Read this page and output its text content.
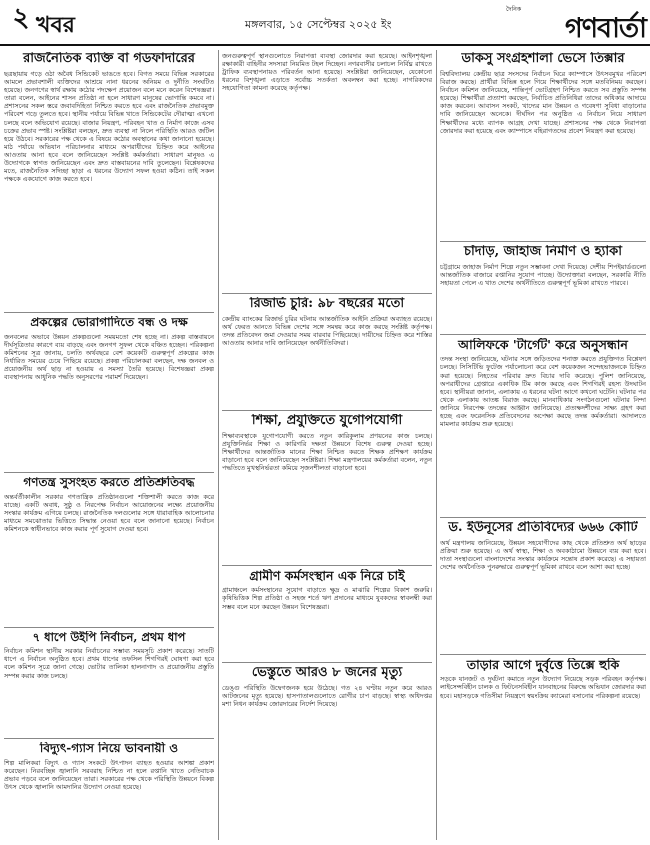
২ খবর	মঙ্গলবার, ১৫ সেপ্টেম্বর ২০২৫ ইং
দৈনিক
গণবার্তা
রাজনৈতিক ব্যক্তি বা গডফাদারের
ছত্রছায়ায় গড়ে ওঠা অবৈধ সিন্ডিকেট ভাঙতে হবে। বিগত সময়ে বিভিন্ন সরকারের আমলে প্রভাবশালী ব্যক্তিদের আশ্রয়ে নানা ধরনের অনিয়ম ও দুর্নীতি সংঘটিত হয়েছে। জনগণের স্বার্থ রক্ষায় কঠোর পদক্ষেপ প্রয়োজন বলে মনে করেন বিশেষজ্ঞরা। তারা বলেন, আইনের শাসন প্রতিষ্ঠা না হলে সাধারণ মানুষের ভোগান্তি কমবে না। প্রশাসনের সকল স্তরে জবাবদিহিতা নিশ্চিত করতে হবে এবং রাজনৈতিক প্রভাবমুক্ত পরিবেশ গড়ে তুলতে হবে। স্থানীয় পর্যায়ে বিভিন্ন খাতে সিন্ডিকেটের দৌরাত্ম্য এখনো চলছে বলে অভিযোগ রয়েছে। বাজার নিয়ন্ত্রণ, পরিবহন খাত ও নির্মাণ কাজে এসব চক্রের প্রভাব স্পষ্ট। সংশ্লিষ্টরা বলছেন, দ্রুত ব্যবস্থা না নিলে পরিস্থিতি আরও জটিল হয়ে উঠবে। সরকারের পক্ষ থেকে এ বিষয়ে কঠোর অবস্থানের কথা জানানো হয়েছে। মাঠ পর্যায়ে অভিযান পরিচালনার মাধ্যমে অপরাধীদের চিহ্নিত করে আইনের আওতায় আনা হবে বলে জানিয়েছেন সংশ্লিষ্ট কর্মকর্তারা। সাধারণ মানুষও এ উদ্যোগকে স্বাগত জানিয়েছেন এবং দ্রুত বাস্তবায়নের দাবি তুলেছেন। বিশ্লেষকদের মতে, রাজনৈতিক সদিচ্ছা ছাড়া এ ধরনের উদ্যোগ সফল হওয়া কঠিন। তাই সকল পক্ষকে একযোগে কাজ করতে হবে।
প্রকল্পের ভোরাগাদিতে বন্ধ ও দক্ষ
জনবলের অভাবে উন্নয়ন প্রকল্পগুলো সময়মতো শেষ হচ্ছে না। প্রকল্প বাস্তবায়নে দীর্ঘসূত্রিতার কারণে ব্যয় বাড়ছে এবং জনগণ সুফল থেকে বঞ্চিত হচ্ছেন। পরিকল্পনা কমিশনের সূত্র জানায়, চলতি অর্থবছরে বেশ কয়েকটি গুরুত্বপূর্ণ প্রকল্পের কাজ নির্ধারিত সময়ের চেয়ে পিছিয়ে রয়েছে। প্রকল্প পরিচালকরা বলছেন, দক্ষ জনবল ও প্রয়োজনীয় অর্থ ছাড় না হওয়ায় এ সমস্যা তৈরি হয়েছে। বিশেষজ্ঞরা প্রকল্প ব্যবস্থাপনায় আধুনিক পদ্ধতি অনুসরণের পরামর্শ দিয়েছেন।
গণতন্ত্র সুসংহত করতে প্রতিশ্রুতিবদ্ধ
অন্তর্বর্তীকালীন সরকার গণতান্ত্রিক প্রতিষ্ঠানগুলো শক্তিশালী করতে কাজ করে যাচ্ছে। একটি অবাধ, সুষ্ঠু ও নিরপেক্ষ নির্বাচন আয়োজনের লক্ষ্যে প্রয়োজনীয় সংস্কার কার্যক্রম এগিয়ে চলছে। রাজনৈতিক দলগুলোর সঙ্গে ধারাবাহিক আলোচনার মাধ্যমে সমঝোতার ভিত্তিতে সিদ্ধান্ত নেওয়া হবে বলে জানানো হয়েছে। নির্বাচন কমিশনকে স্বাধীনভাবে কাজ করার পূর্ণ সুযোগ দেওয়া হবে।
৭ ধাপে উইপি নির্বাচন, প্রথম ধাপ
নির্বাচন কমিশন স্থানীয় সরকার নির্বাচনের সম্ভাব্য সময়সূচি প্রকাশ করেছে। সাতটি ধাপে এ নির্বাচন অনুষ্ঠিত হবে। প্রথম ধাপের তফসিল শিগগিরই ঘোষণা করা হবে বলে কমিশন সূত্রে জানা গেছে। ভোটার তালিকা হালনাগাদ ও প্রয়োজনীয় প্রস্তুতি সম্পন্ন করার কাজ চলছে।
বিদ্যুৎ-গ্যাস নিয়ে ভাবনায়ী ও
শিল্প মালিকরা বিদ্যুৎ ও গ্যাস সংকটে উৎপাদন ব্যাহত হওয়ার আশঙ্কা প্রকাশ করেছেন। নিরবচ্ছিন্ন জ্বালানি সরবরাহ নিশ্চিত না হলে রপ্তানি খাতে নেতিবাচক প্রভাব পড়বে বলে জানিয়েছেন তারা। সরকারের পক্ষ থেকে পরিস্থিতি উন্নয়নে বিকল্প উৎস থেকে জ্বালানি আমদানির উদ্যোগ নেওয়া হয়েছে।
জনগুরুত্বপূর্ণ স্থানগুলোতে নিরাপত্তা ব্যবস্থা জোরদার করা হয়েছে। আইনশৃঙ্খলা রক্ষাকারী বাহিনীর সদস্যরা নিয়মিত টহল দিচ্ছেন। নগরবাসীর চলাচল নির্বিঘ্ন রাখতে ট্রাফিক ব্যবস্থাপনায়ও পরিবর্তন আনা হয়েছে। সংশ্লিষ্টরা জানিয়েছেন, যেকোনো ধরনের বিশৃঙ্খলা এড়াতে সর্বোচ্চ সতর্কতা অবলম্বন করা হচ্ছে। নাগরিকদের সহযোগিতা কামনা করেছে কর্তৃপক্ষ।
রিজার্ভ চুরি: ৯৮ বছরের মতো
কেন্দ্রীয় ব্যাংকের রিজার্ভ চুরির ঘটনায় আন্তর্জাতিক আইনি প্রক্রিয়া অব্যাহত রয়েছে। অর্থ ফেরত আনতে বিভিন্ন দেশের সঙ্গে সমন্বয় করে কাজ করছে সংশ্লিষ্ট কর্তৃপক্ষ। তদন্ত প্রতিবেদন জমা দেওয়ার সময় বারবার পিছিয়েছে। দায়ীদের চিহ্নিত করে শাস্তির আওতায় আনার দাবি জানিয়েছেন অর্থনীতিবিদরা।
শিক্ষা, প্রযুক্তিতে যুগোপযোগী
শিক্ষাব্যবস্থাকে যুগোপযোগী করতে নতুন কারিকুলাম প্রণয়নের কাজ চলছে। প্রযুক্তিনির্ভর শিক্ষা ও কারিগরি দক্ষতা উন্নয়নে বিশেষ গুরুত্ব দেওয়া হচ্ছে। শিক্ষার্থীদের আন্তর্জাতিক মানের শিক্ষা নিশ্চিত করতে শিক্ষক প্রশিক্ষণ কার্যক্রম বাড়ানো হবে বলে জানিয়েছেন সংশ্লিষ্টরা। শিক্ষা মন্ত্রণালয়ের কর্মকর্তারা বলেন, নতুন পদ্ধতিতে মুখস্থনির্ভরতা কমিয়ে সৃজনশীলতা বাড়ানো হবে।
গ্রামীণ কর্মসংস্থান এক নিরে চাই
গ্রামাঞ্চলে কর্মসংস্থানের সুযোগ বাড়াতে ক্ষুদ্র ও মাঝারি শিল্পের বিকাশ জরুরি। কৃষিভিত্তিক শিল্প প্রতিষ্ঠা ও সহজ শর্তে ঋণ প্রদানের মাধ্যমে যুবকদের স্বাবলম্বী করা সম্ভব বলে মনে করছেন উন্নয়ন বিশেষজ্ঞরা।
ভেস্তুতে আরও ৮ জনের মৃত্যু
ডেঙ্গু পরিস্থিতি উদ্বেগজনক হয়ে উঠেছে। গত ২৪ ঘণ্টায় নতুন করে আরও আটজনের মৃত্যু হয়েছে। হাসপাতালগুলোতে রোগীর চাপ বাড়ছে। স্বাস্থ্য অধিদপ্তর মশা নিধন কার্যক্রম জোরদারের নির্দেশ দিয়েছে।
ডাকসু সংগ্রহশালা ভেসে তিক্সার
বিশ্ববিদ্যালয় কেন্দ্রীয় ছাত্র সংসদের নির্বাচন ঘিরে ক্যাম্পাসে উৎসবমুখর পরিবেশ বিরাজ করছে। প্রার্থীরা বিভিন্ন হলে গিয়ে শিক্ষার্থীদের সঙ্গে মতবিনিময় করছেন। নির্বাচন কমিশন জানিয়েছে, শান্তিপূর্ণ ভোটগ্রহণ নিশ্চিত করতে সব প্রস্তুতি সম্পন্ন হয়েছে। শিক্ষার্থীরা প্রত্যাশা করছেন, নির্বাচিত প্রতিনিধিরা তাদের অধিকার আদায়ে কাজ করবেন। আবাসন সংকট, খাদ্যের মান উন্নয়ন ও গবেষণা সুবিধা বাড়ানোর দাবি জানিয়েছেন অনেকে। দীর্ঘদিন পর অনুষ্ঠিত এ নির্বাচন নিয়ে সাধারণ শিক্ষার্থীদের মধ্যে ব্যাপক আগ্রহ দেখা যাচ্ছে। প্রশাসনের পক্ষ থেকে নিরাপত্তা জোরদার করা হয়েছে এবং ক্যাম্পাসে বহিরাগতদের প্রবেশ নিয়ন্ত্রণ করা হয়েছে।
চাঁদাড়, জাহাজ নির্মাণ ও হ্যাকা
চট্টগ্রামে জাহাজ নির্মাণ শিল্পে নতুন সম্ভাবনা দেখা দিয়েছে। দেশীয় শিপইয়ার্ডগুলো আন্তর্জাতিক বাজারে রপ্তানির সুযোগ পাচ্ছে। উদ্যোক্তারা বলছেন, সরকারি নীতি সহায়তা পেলে এ খাত দেশের অর্থনীতিতে গুরুত্বপূর্ণ ভূমিকা রাখতে পারবে।
আলিফকে 'টার্গেট' করে অনুসন্ধান
তদন্ত সংস্থা জানিয়েছে, ঘটনার সঙ্গে জড়িতদের শনাক্ত করতে প্রযুক্তিগত বিশ্লেষণ চলছে। সিসিটিভি ফুটেজ পর্যালোচনা করে বেশ কয়েকজন সন্দেহভাজনকে চিহ্নিত করা হয়েছে। নিহতের পরিবার দ্রুত বিচার দাবি করেছে। পুলিশ জানিয়েছে, অপরাধীদের গ্রেপ্তারে একাধিক টিম কাজ করছে এবং শিগগিরই রহস্য উদঘাটন হবে। স্থানীয়রা জানান, এলাকায় এ ধরনের ঘটনা আগে কখনো ঘটেনি। ঘটনার পর থেকে এলাকায় আতঙ্ক বিরাজ করছে। মানবাধিকার সংগঠনগুলো ঘটনার নিন্দা জানিয়ে নিরপেক্ষ তদন্তের আহ্বান জানিয়েছে। প্রত্যক্ষদর্শীদের সাক্ষ্য গ্রহণ করা হচ্ছে এবং ফরেনসিক প্রতিবেদনের অপেক্ষা করছে তদন্ত কর্মকর্তারা। আদালতে মামলার কার্যক্রম শুরু হয়েছে।
ড. ইউনূসের প্রতিবিদ্যের ৬৬৬ কোটি
অর্থ মন্ত্রণালয় জানিয়েছে, উন্নয়ন সহযোগীদের কাছ থেকে প্রতিশ্রুত অর্থ ছাড়ের প্রক্রিয়া শুরু হয়েছে। এ অর্থ স্বাস্থ্য, শিক্ষা ও অবকাঠামো উন্নয়নে ব্যয় করা হবে। দাতা সংস্থাগুলো বাংলাদেশের সংস্কার কার্যক্রমে সন্তোষ প্রকাশ করেছে। এ সহায়তা দেশের অর্থনৈতিক পুনরুদ্ধারে গুরুত্বপূর্ণ ভূমিকা রাখবে বলে আশা করা হচ্ছে।
তাড়ার আগে দুর্বৃত্তে তিক্সে হুকি
সড়কে যানজট ও দুর্ঘটনা কমাতে নতুন উদ্যোগ নিয়েছে সড়ক পরিবহন কর্তৃপক্ষ। লাইসেন্সবিহীন চালক ও ফিটনেসবিহীন যানবাহনের বিরুদ্ধে অভিযান জোরদার করা হবে। মহাসড়কে গতিসীমা নিয়ন্ত্রণে স্বয়ংক্রিয় ক্যামেরা বসানোর পরিকল্পনা রয়েছে।
